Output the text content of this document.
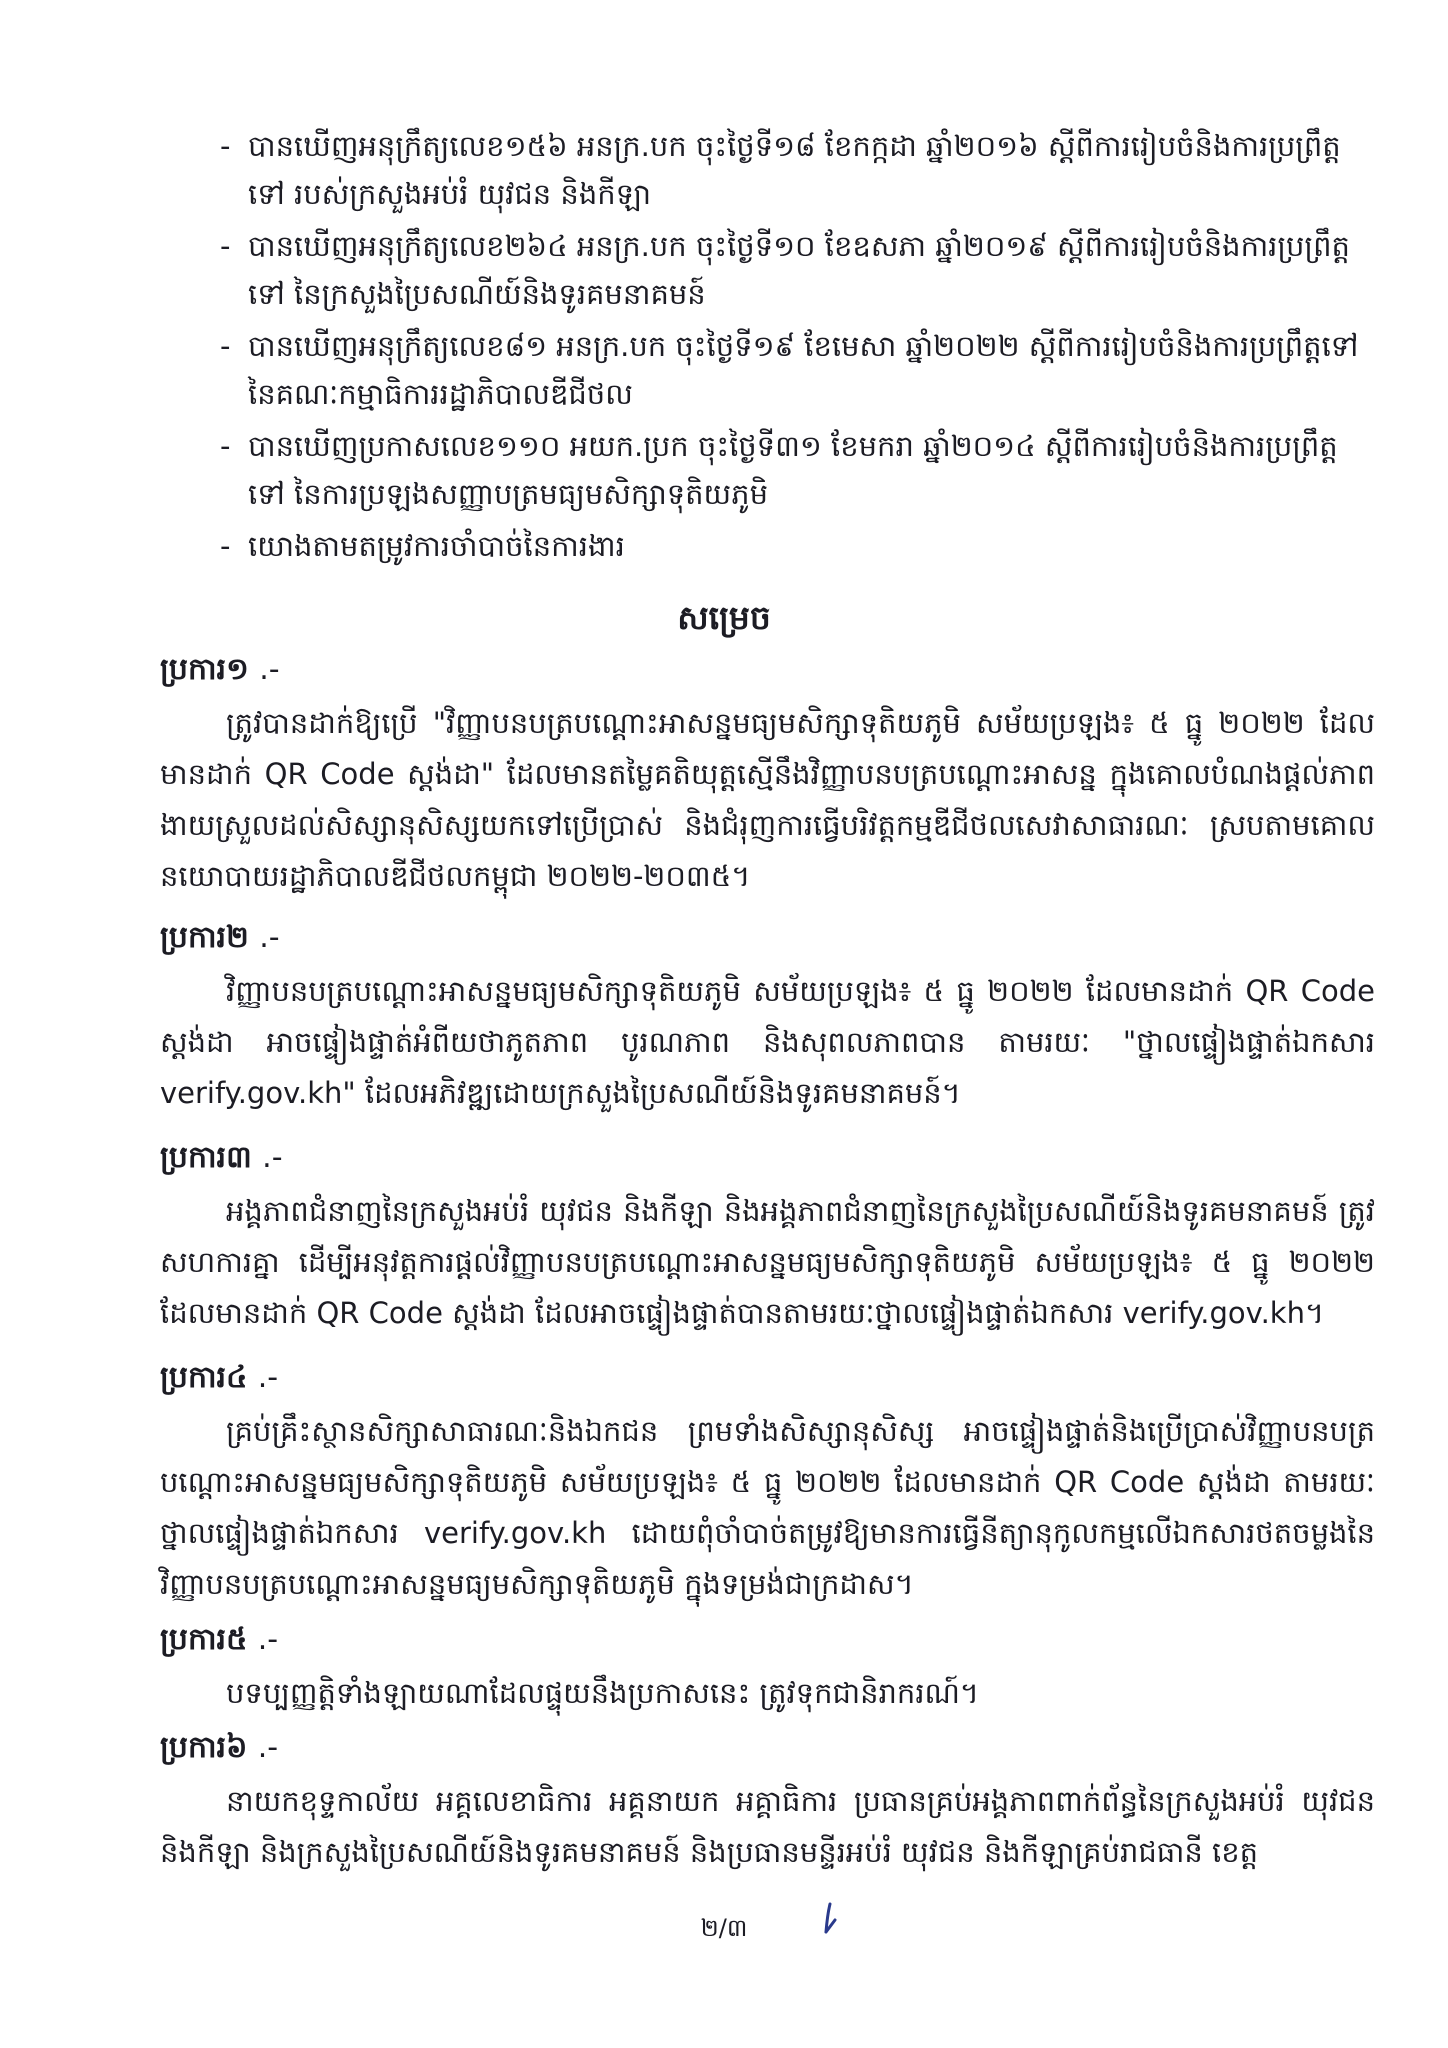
- បានឃើញអនុក្រឹត្យលេខ១៥៦ អនក្រ.បក ចុះថ្ងៃទី១៨ ខែកក្កដា ឆ្នាំ២០១៦ ស្តីពីការរៀបចំនិងការប្រព្រឹត្តទៅ របស់ក្រសួងអប់រំ យុវជន និងកីឡា
- បានឃើញអនុក្រឹត្យលេខ២៦៤ អនក្រ.បក ចុះថ្ងៃទី១០ ខែឧសភា ឆ្នាំ២០១៩ ស្តីពីការរៀបចំនិងការប្រព្រឹត្តទៅ នៃក្រសួងប្រៃសណីយ៍និងទូរគមនាគមន៍
- បានឃើញអនុក្រឹត្យលេខ៨១ អនក្រ.បក ចុះថ្ងៃទី១៩ ខែមេសា ឆ្នាំ២០២២ ស្តីពីការរៀបចំនិងការប្រព្រឹត្តទៅ នៃគណៈកម្មាធិការរដ្ឋាភិបាលឌីជីថល
- បានឃើញប្រកាសលេខ១១០ អយក.ប្រក ចុះថ្ងៃទី៣១ ខែមករា ឆ្នាំ២០១៤ ស្តីពីការរៀបចំនិងការប្រព្រឹត្តទៅ នៃការប្រឡងសញ្ញាបត្រមធ្យមសិក្សាទុតិយភូមិ
- យោងតាមតម្រូវការចាំបាច់នៃការងារ
សម្រេច
ប្រការ១ .-
ត្រូវបានដាក់ឱ្យប្រើ "វិញ្ញាបនបត្របណ្តោះអាសន្នមធ្យមសិក្សាទុតិយភូមិ សម័យប្រឡង៖ ៥ ធ្នូ ២០២២ ដែលមានដាក់ QR Code ស្តង់ដា" ដែលមានតម្លៃគតិយុត្តស្មើនឹងវិញ្ញាបនបត្របណ្តោះអាសន្ន ក្នុងគោលបំណងផ្តល់ភាពងាយស្រួលដល់សិស្សានុសិស្សយកទៅប្រើប្រាស់ និងជំរុញការធ្វើបរិវត្តកម្មឌីជីថលសេវាសាធារណៈ ស្របតាមគោលនយោបាយរដ្ឋាភិបាលឌីជីថលកម្ពុជា ២០២២-២០៣៥។
ប្រការ២ .-
វិញ្ញាបនបត្របណ្តោះអាសន្នមធ្យមសិក្សាទុតិយភូមិ សម័យប្រឡង៖ ៥ ធ្នូ ២០២២ ដែលមានដាក់ QR Code ស្តង់ដា អាចផ្ទៀងផ្ទាត់អំពីយថាភូតភាព បូរណភាព និងសុពលភាពបាន តាមរយៈ "ថ្នាលផ្ទៀងផ្ទាត់ឯកសារ verify.gov.kh" ដែលអភិវឌ្ឍដោយក្រសួងប្រៃសណីយ៍និងទូរគមនាគមន៍។
ប្រការ៣ .-
អង្គភាពជំនាញនៃក្រសួងអប់រំ យុវជន និងកីឡា និងអង្គភាពជំនាញនៃក្រសួងប្រៃសណីយ៍និងទូរគមនាគមន៍ ត្រូវសហការគ្នា ដើម្បីអនុវត្តការផ្តល់វិញ្ញាបនបត្របណ្តោះអាសន្នមធ្យមសិក្សាទុតិយភូមិ សម័យប្រឡង៖ ៥ ធ្នូ ២០២២ ដែលមានដាក់ QR Code ស្តង់ដា ដែលអាចផ្ទៀងផ្ទាត់បានតាមរយៈថ្នាលផ្ទៀងផ្ទាត់ឯកសារ verify.gov.kh។
ប្រការ៤ .-
គ្រប់គ្រឹះស្ថានសិក្សាសាធារណៈនិងឯកជន ព្រមទាំងសិស្សានុសិស្ស អាចផ្ទៀងផ្ទាត់និងប្រើប្រាស់វិញ្ញាបនបត្របណ្តោះអាសន្នមធ្យមសិក្សាទុតិយភូមិ សម័យប្រឡង៖ ៥ ធ្នូ ២០២២ ដែលមានដាក់ QR Code ស្តង់ដា តាមរយៈថ្នាលផ្ទៀងផ្ទាត់ឯកសារ verify.gov.kh ដោយពុំចាំបាច់តម្រូវឱ្យមានការធ្វើនីត្យានុកូលកម្មលើឯកសារថតចម្លងនៃវិញ្ញាបនបត្របណ្តោះអាសន្នមធ្យមសិក្សាទុតិយភូមិ ក្នុងទម្រង់ជាក្រដាស។
ប្រការ៥ .-
បទប្បញ្ញត្តិទាំងឡាយណាដែលផ្ទុយនឹងប្រកាសនេះ ត្រូវទុកជានិរាករណ៍។
ប្រការ៦ .-
នាយកខុទ្ទកាល័យ អគ្គលេខាធិការ អគ្គនាយក អគ្គាធិការ ប្រធានគ្រប់អង្គភាពពាក់ព័ន្ធនៃក្រសួងអប់រំ យុវជន និងកីឡា និងក្រសួងប្រៃសណីយ៍និងទូរគមនាគមន៍ និងប្រធានមន្ទីរអប់រំ យុវជន និងកីឡាគ្រប់រាជធានី ខេត្ត
២/៣
